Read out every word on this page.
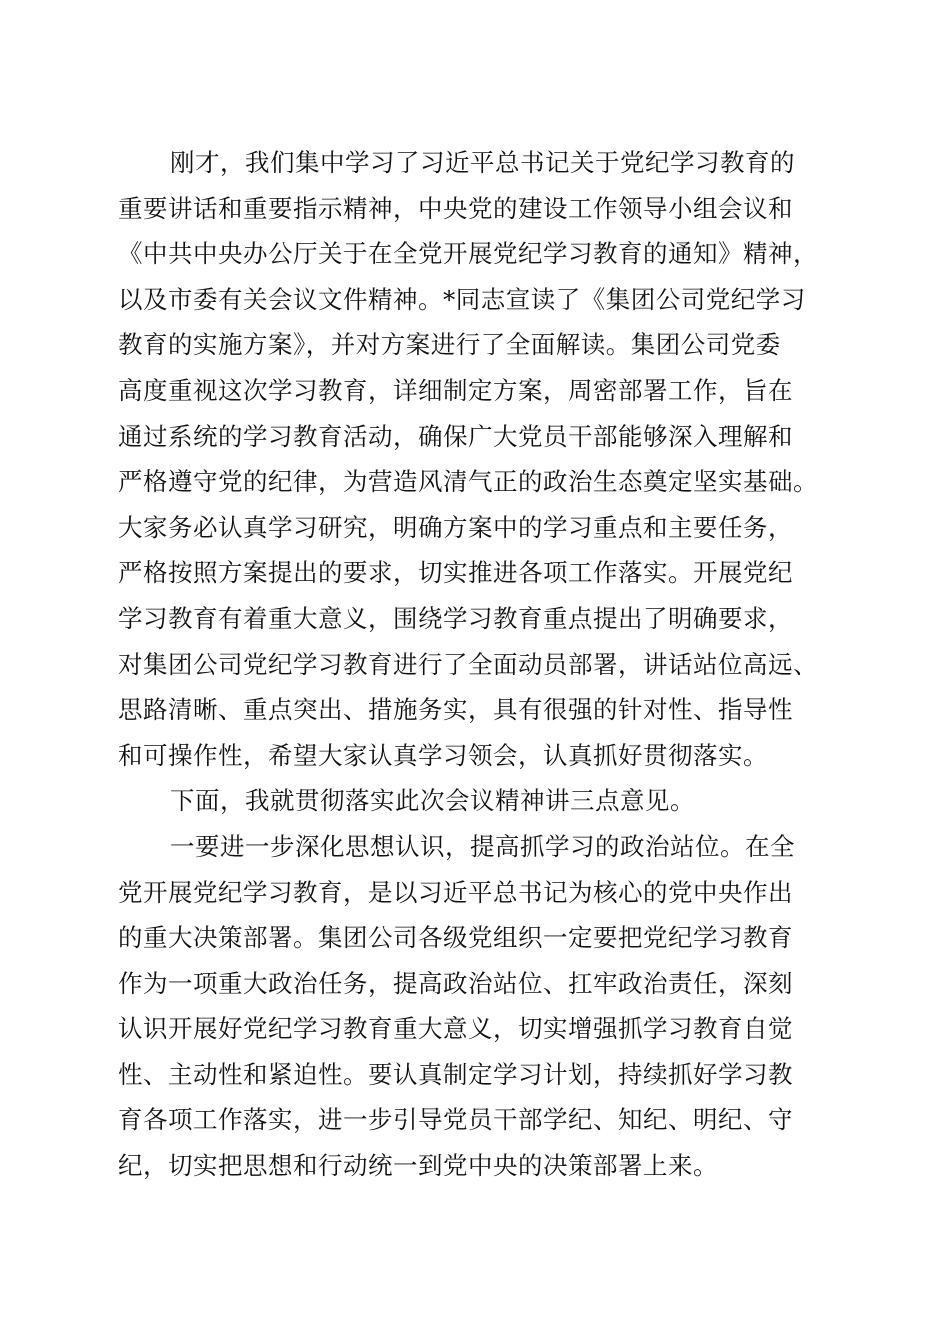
刚才，我们集中学习了习近平总书记关于党纪学习教育的
重要讲话和重要指示精神，中央党的建设工作领导小组会议和
《中共中央办公厅关于在全党开展党纪学习教育的通知》精神，
以及市委有关会议文件精神。*同志宣读了《集团公司党纪学习
教育的实施方案》，并对方案进行了全面解读。集团公司党委
高度重视这次学习教育，详细制定方案，周密部署工作，旨在
通过系统的学习教育活动，确保广大党员干部能够深入理解和
严格遵守党的纪律，为营造风清气正的政治生态奠定坚实基础。
大家务必认真学习研究，明确方案中的学习重点和主要任务，
严格按照方案提出的要求，切实推进各项工作落实。开展党纪
学习教育有着重大意义，围绕学习教育重点提出了明确要求，
对集团公司党纪学习教育进行了全面动员部署，讲话站位高远、
思路清晰、重点突出、措施务实，具有很强的针对性、指导性
和可操作性，希望大家认真学习领会，认真抓好贯彻落实。
下面，我就贯彻落实此次会议精神讲三点意见。
一要进一步深化思想认识，提高抓学习的政治站位。在全
党开展党纪学习教育，是以习近平总书记为核心的党中央作出
的重大决策部署。集团公司各级党组织一定要把党纪学习教育
作为一项重大政治任务，提高政治站位、扛牢政治责任，深刻
认识开展好党纪学习教育重大意义，切实增强抓学习教育自觉
性、主动性和紧迫性。要认真制定学习计划，持续抓好学习教
育各项工作落实，进一步引导党员干部学纪、知纪、明纪、守
纪，切实把思想和行动统一到党中央的决策部署上来。
